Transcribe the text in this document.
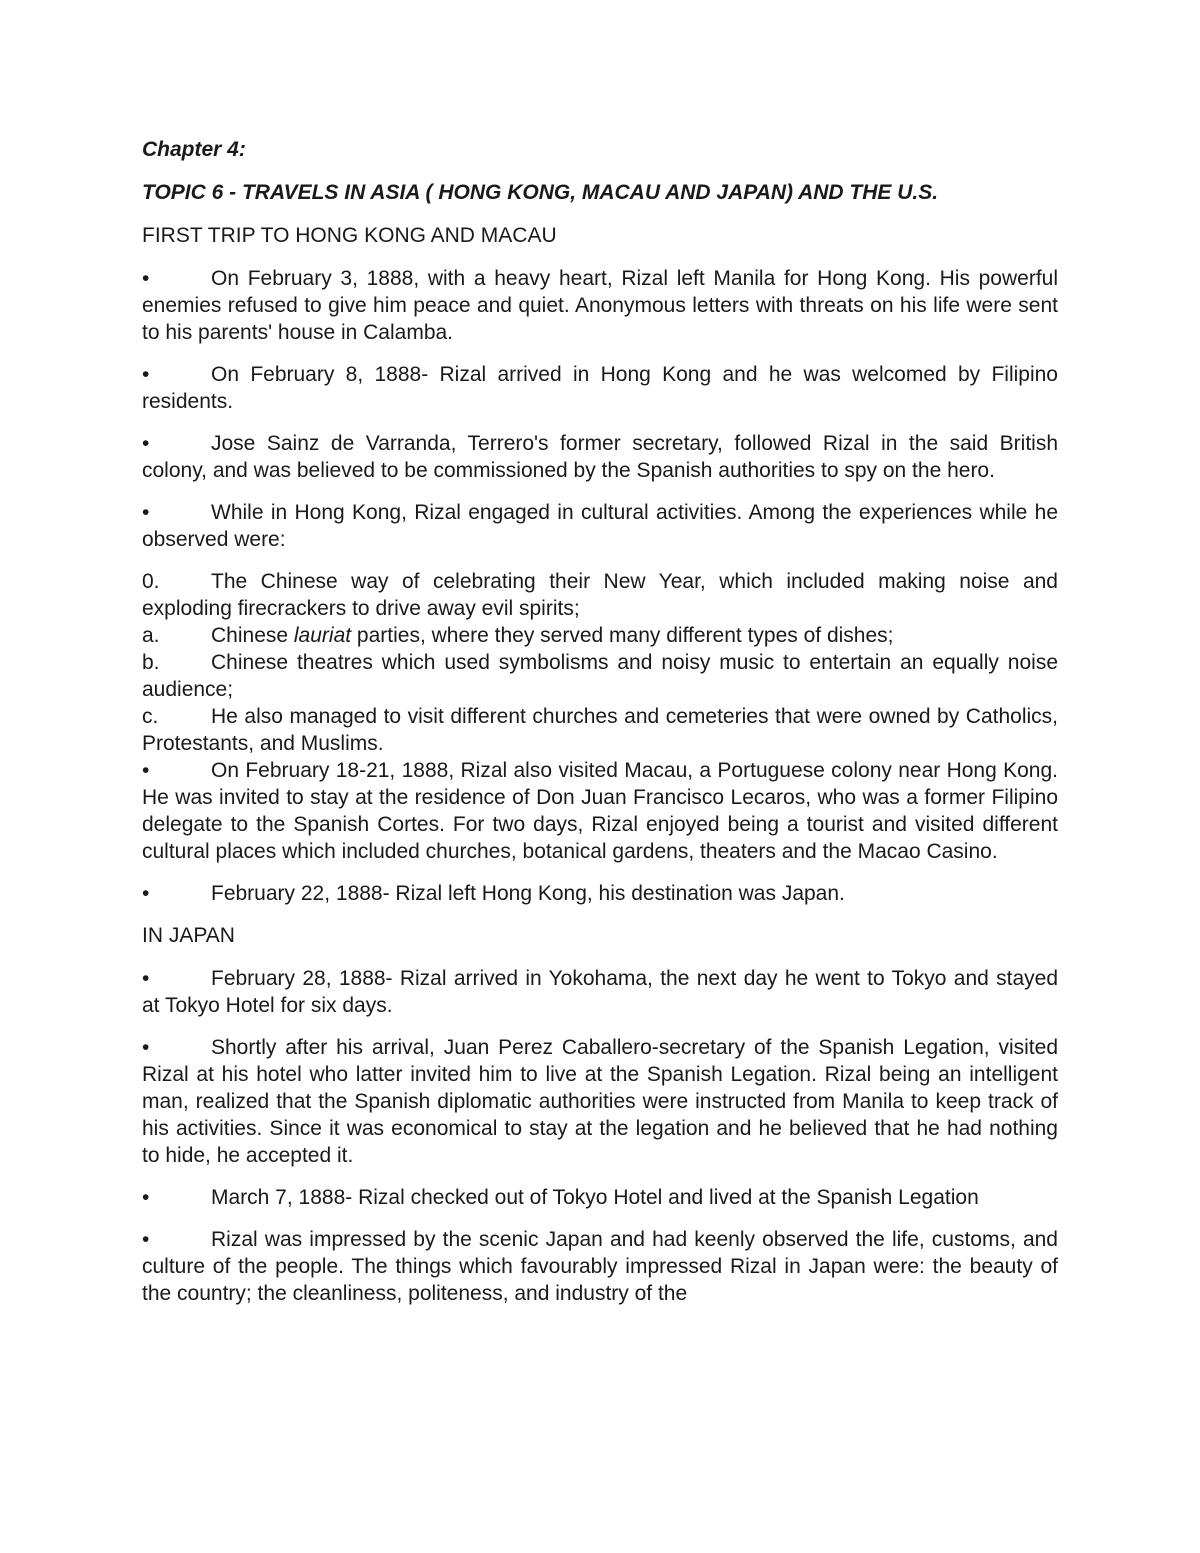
Chapter 4:
TOPIC 6 - TRAVELS IN ASIA ( HONG KONG, MACAU AND JAPAN) AND THE U.S.
FIRST TRIP TO HONG KONG AND MACAU
•	On February 3, 1888, with a heavy heart, Rizal left Manila for Hong Kong. His powerful enemies refused to give him peace and quiet. Anonymous letters with threats on his life were sent to his parents' house in Calamba.
•	On February 8, 1888- Rizal arrived in Hong Kong and he was welcomed by Filipino residents.
•	Jose Sainz de Varranda, Terrero's former secretary, followed Rizal in the said British colony, and was believed to be commissioned by the Spanish authorities to spy on the hero.
•	While in Hong Kong, Rizal engaged in cultural activities. Among the experiences while he observed were:
0. The Chinese way of celebrating their New Year, which included making noise and exploding firecrackers to drive away evil spirits;
a. Chinese lauriat parties, where they served many different types of dishes;
b. Chinese theatres which used symbolisms and noisy music to entertain an equally noise audience;
c.	He also managed to visit different churches and cemeteries that were owned by Catholics, Protestants, and Muslims.
•	On February 18-21, 1888, Rizal also visited Macau, a Portuguese colony near Hong Kong. He was invited to stay at the residence of Don Juan Francisco Lecaros, who was a former Filipino delegate to the Spanish Cortes. For two days, Rizal enjoyed being a tourist and visited different cultural places which included churches, botanical gardens, theaters and the Macao Casino.
•	February 22, 1888- Rizal left Hong Kong, his destination was Japan.
IN JAPAN
•	February 28, 1888- Rizal arrived in Yokohama, the next day he went to Tokyo and stayed at Tokyo Hotel for six days.
•	Shortly after his arrival, Juan Perez Caballero-secretary of the Spanish Legation, visited Rizal at his hotel who latter invited him to live at the Spanish Legation. Rizal being an intelligent man, realized that the Spanish diplomatic authorities were instructed from Manila to keep track of his activities. Since it was economical to stay at the legation and he believed that he had nothing to hide, he accepted it.
•	March 7, 1888- Rizal checked out of Tokyo Hotel and lived at the Spanish Legation
•	Rizal was impressed by the scenic Japan and had keenly observed the life, customs, and culture of the people. The things which favourably impressed Rizal in Japan were: the beauty of the country; the cleanliness, politeness, and industry of the
